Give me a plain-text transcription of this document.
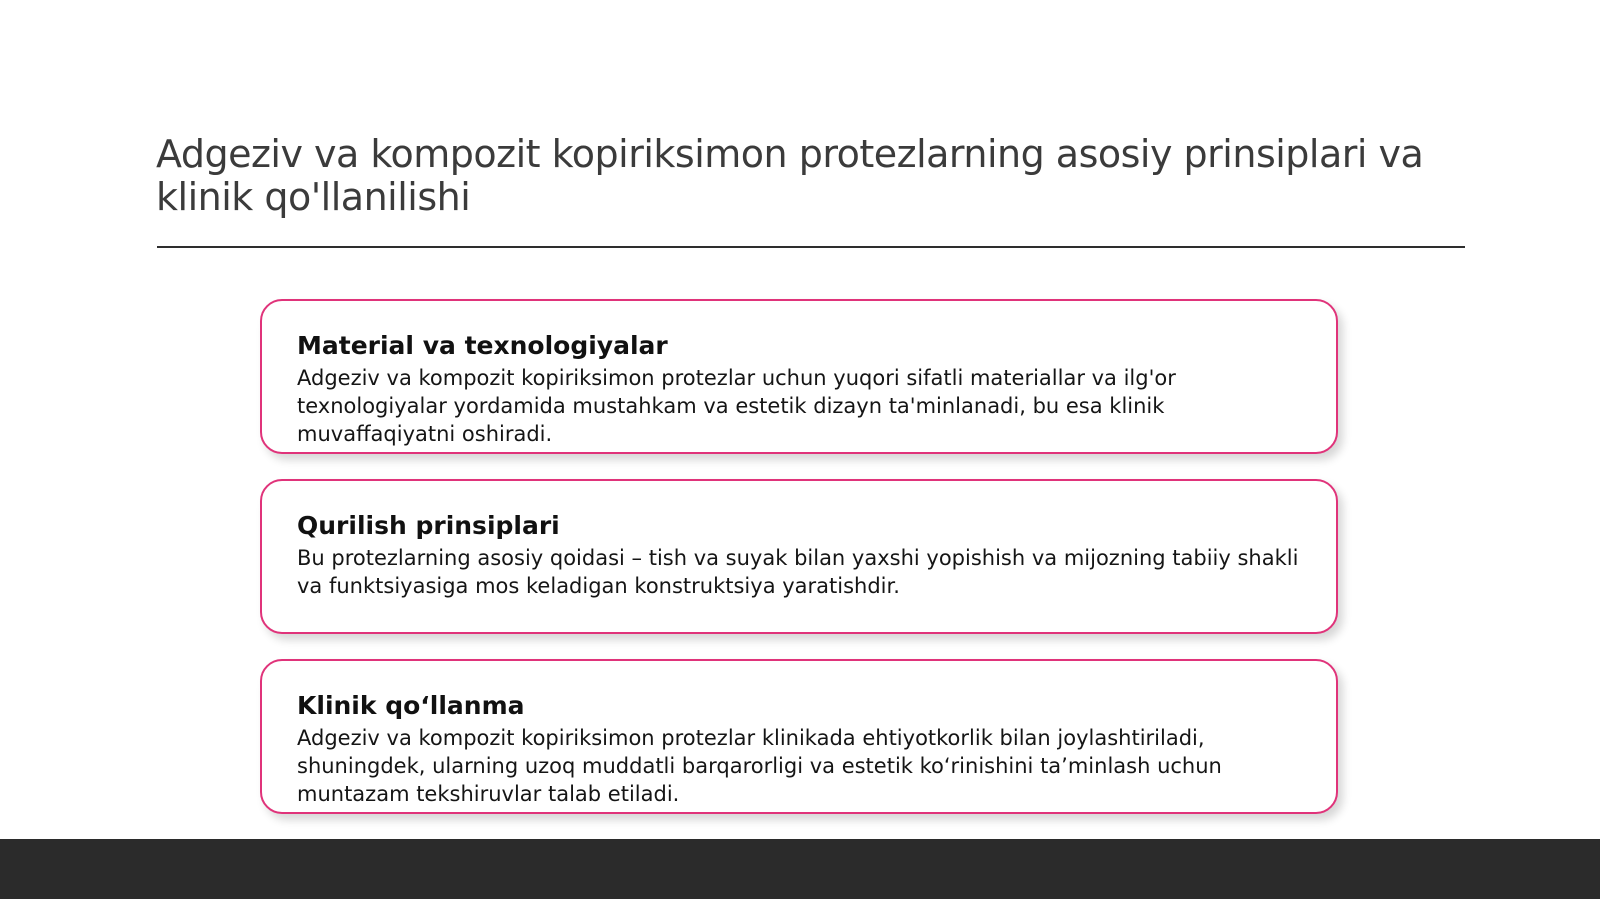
Adgeziv va kompozit kopiriksimon protezlarning asosiy prinsiplari va klinik qo'llanilishi
Material va texnologiyalar

Adgeziv va kompozit kopiriksimon protezlar uchun yuqori sifatli materiallar va ilg'or texnologiyalar yordamida mustahkam va estetik dizayn ta'minlanadi, bu esa klinik muvaffaqiyatni oshiradi.

Qurilish prinsiplari

Bu protezlarning asosiy qoidasi – tish va suyak bilan yaxshi yopishish va mijozning tabiiy shakli va funktsiyasiga mos keladigan konstruktsiya yaratishdir.

Klinik qo‘llanma

Adgeziv va kompozit kopiriksimon protezlar klinikada ehtiyotkorlik bilan joylashtiriladi, shuningdek, ularning uzoq muddatli barqarorligi va estetik ko‘rinishini ta’minlash uchun muntazam tekshiruvlar talab etiladi.
